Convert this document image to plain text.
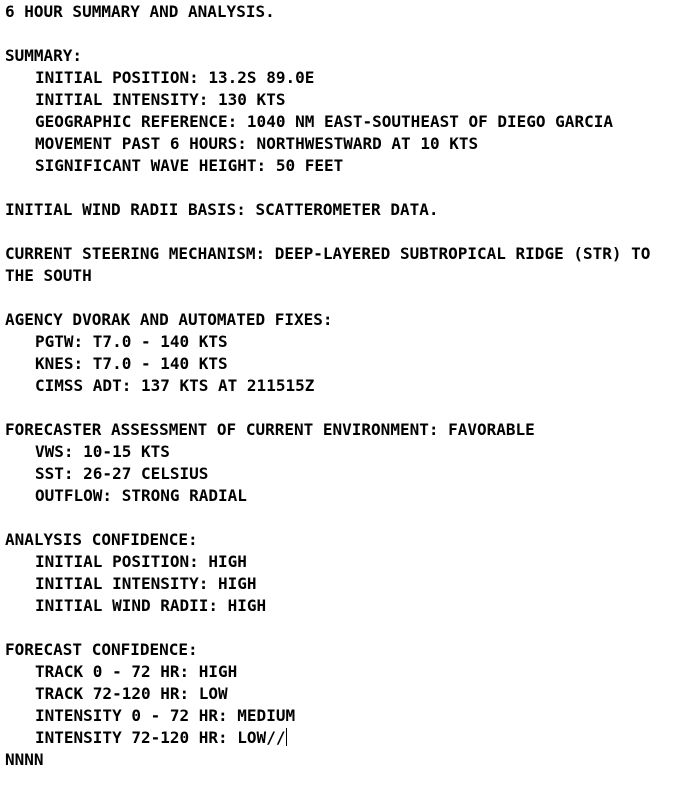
6 HOUR SUMMARY AND ANALYSIS.
SUMMARY:
INITIAL POSITION: 13.2S 89.0E
INITIAL INTENSITY: 130 KTS
GEOGRAPHIC REFERENCE: 1040 NM EAST-SOUTHEAST OF DIEGO GARCIA
MOVEMENT PAST 6 HOURS: NORTHWESTWARD AT 10 KTS
SIGNIFICANT WAVE HEIGHT: 50 FEET
INITIAL WIND RADII BASIS: SCATTEROMETER DATA.
CURRENT STEERING MECHANISM: DEEP-LAYERED SUBTROPICAL RIDGE (STR) TO
THE SOUTH
AGENCY DVORAK AND AUTOMATED FIXES:
PGTW: T7.0 - 140 KTS
KNES: T7.0 - 140 KTS
CIMSS ADT: 137 KTS AT 211515Z
FORECASTER ASSESSMENT OF CURRENT ENVIRONMENT: FAVORABLE
VWS: 10-15 KTS
SST: 26-27 CELSIUS
OUTFLOW: STRONG RADIAL
ANALYSIS CONFIDENCE:
INITIAL POSITION: HIGH
INITIAL INTENSITY: HIGH
INITIAL WIND RADII: HIGH
FORECAST CONFIDENCE:
TRACK 0 - 72 HR: HIGH
TRACK 72-120 HR: LOW
INTENSITY 0 - 72 HR: MEDIUM
INTENSITY 72-120 HR: LOW//
NNNN
